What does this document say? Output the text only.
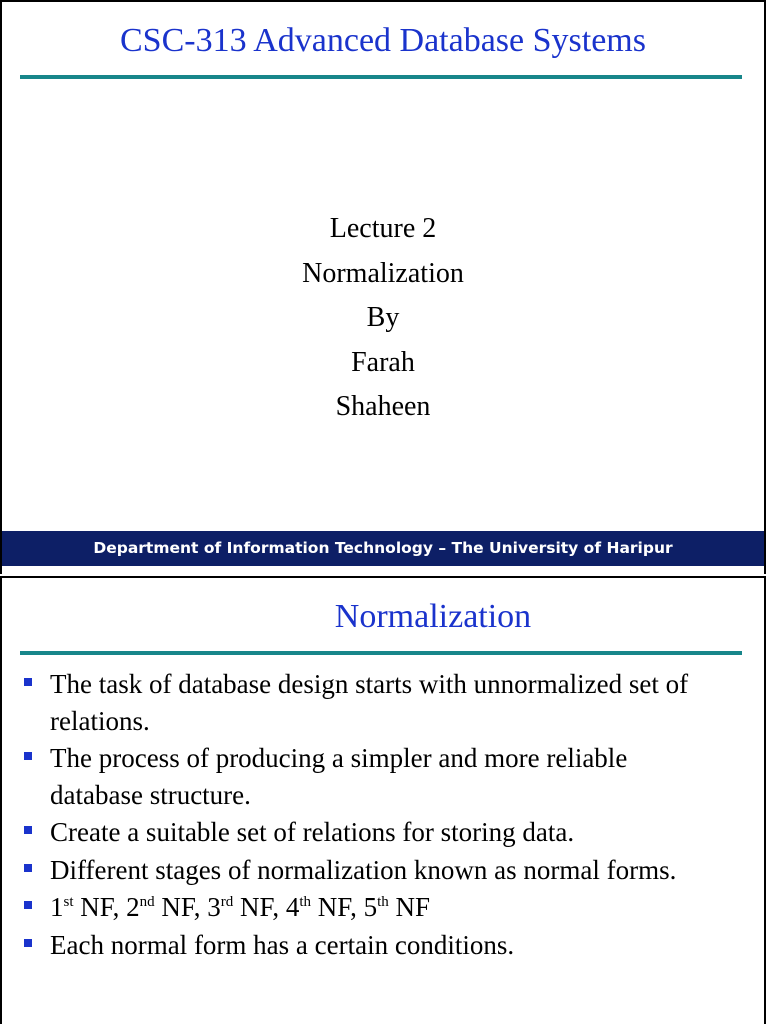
CSC-313 Advanced Database Systems
Lecture 2
Normalization
By
Farah
Shaheen
Department of Information Technology – The University of Haripur
Normalization
The task of database design starts with unnormalized set of relations.
The process of producing a simpler and more reliable database structure.
Create a suitable set of relations for storing data.
Different stages of normalization known as normal forms.
1st NF, 2nd NF, 3rd NF, 4th NF, 5th NF
Each normal form has a certain conditions.
